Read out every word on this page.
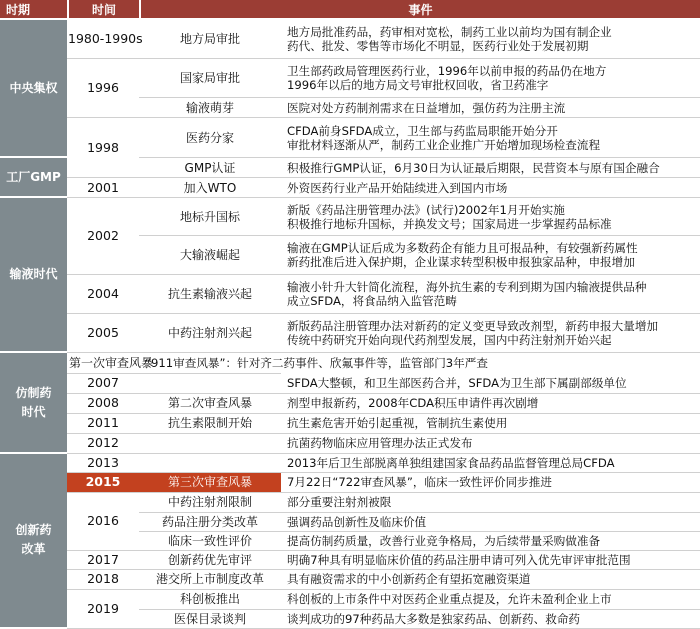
时期	时间	事件	
中央集权	1980-1990s	地方局审批	地方局批准药品，药审相对宽松，制药工业以前均为国有制企业
药代、批发、零售等市场化不明显，医药行业处于发展初期

	1996	国家局审批	卫生部药政局管理医药行业，1996年以前申报的药品仍在地方
1996年以后的地方局文号审批权回收，省卫药准字

		输液萌芽	医院对处方药制剂需求在日益增加，强仿药为注册主流

	1998	医药分家	CFDA前身SFDA成立，卫生部与药监局职能开始分开
审批材料逐渐从严，制药工业企业推广开始增加现场检查流程

工厂GMP		GMP认证	积极推行GMP认证，6月30日为认证最后期限，民营资本与原有国企融合

	2001	加入WTO	外资医药行业产品开始陆续进入到国内市场

输液时代	2002	地标升国标	新版《药品注册管理办法》(试行)2002年1月开始实施
积极推行地标升国标，并换发文号；国家局进一步掌握药品标准

		大输液崛起	输液在GMP认证后成为多数药企有能力且可报品种，有较强新药属性
新药批准后进入保护期，企业谋求转型积极申报独家品种，申报增加

	2004	抗生素输液兴起	输液小针升大针简化流程，海外抗生素的专利到期为国内输液提供品种
成立SFDA，将食品纳入监管范畴

	2005	中药注射剂兴起	新版药品注册管理办法对新药的定义变更导致改剂型，新药申报大量增加
传统中药研究开始向现代药剂型发展，国内中药注射剂开始兴起

仿制药
时代	第一次审查风暴	“911审查风暴”：针对齐二药事件、欣氟事件等，监管部门3年严查	

	2007		SFDA大整顿，和卫生部医药合并，SFDA为卫生部下属副部级单位

	2008	第二次审查风暴	剂型申报新药，2008年CDA积压申请件再次剧增

	2011	抗生素限制开始	抗生素危害开始引起重视，管制抗生素使用

	2012		抗菌药物临床应用管理办法正式发布

创新药
改革	2013		2013年后卫生部脱离单独组建国家食品药品监督管理总局CFDA

	2015	第三次审查风暴	7月22日“722审查风暴”，临床一致性评价同步推进

	2016	中药注射剂限制	部分重要注射剂被限

		药品注册分类改革	强调药品创新性及临床价值

		临床一致性评价	提高仿制药质量，改善行业竞争格局，为后续带量采购做准备

	2017	创新药优先审评	明确7种具有明显临床价值的药品注册申请可列入优先审评审批范围

	2018	港交所上市制度改革	具有融资需求的中小创新药企有望拓宽融资渠道

	2019	科创板推出	科创板的上市条件中对医药企业重点提及，允许未盈利企业上市

		医保目录谈判	谈判成功的97种药品大多数是独家药品、创新药、救命药
